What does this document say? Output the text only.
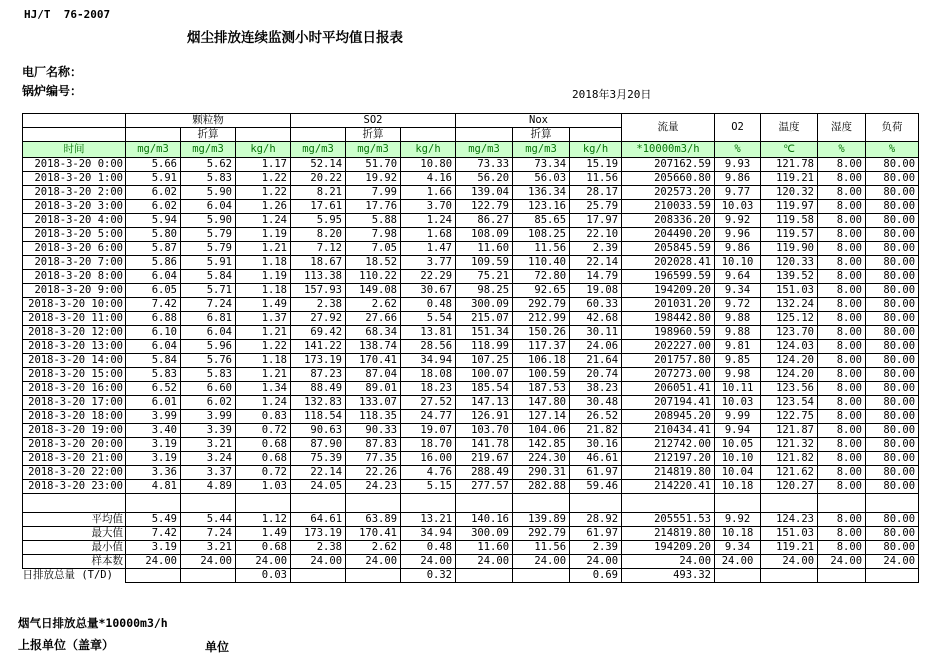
HJ/T  76-2007
烟尘排放连续监测小时平均值日报表
电厂名称：
锅炉编号：	2018年3月20日
	颗粒物			SO2			Nox			流量	O2	温度	湿度	负荷
		折算			折算			折算						
时间	mg/m3	mg/m3	kg/h	mg/m3	mg/m3	kg/h	mg/m3	mg/m3	kg/h	*10000m3/h	%	℃	%	%
2018-3-20 0:00	5.66	5.62	1.17	52.14	51.70	10.80	73.33	73.34	15.19	207162.59	9.93	121.78	8.00	80.00
2018-3-20 1:00	5.91	5.83	1.22	20.22	19.92	4.16	56.20	56.03	11.56	205660.80	9.86	119.21	8.00	80.00
2018-3-20 2:00	6.02	5.90	1.22	8.21	7.99	1.66	139.04	136.34	28.17	202573.20	9.77	120.32	8.00	80.00
2018-3-20 3:00	6.02	6.04	1.26	17.61	17.76	3.70	122.79	123.16	25.79	210033.59	10.03	119.97	8.00	80.00
2018-3-20 4:00	5.94	5.90	1.24	5.95	5.88	1.24	86.27	85.65	17.97	208336.20	9.92	119.58	8.00	80.00
2018-3-20 5:00	5.80	5.79	1.19	8.20	7.98	1.68	108.09	108.25	22.10	204490.20	9.96	119.57	8.00	80.00
2018-3-20 6:00	5.87	5.79	1.21	7.12	7.05	1.47	11.60	11.56	2.39	205845.59	9.86	119.90	8.00	80.00
2018-3-20 7:00	5.86	5.91	1.18	18.67	18.52	3.77	109.59	110.40	22.14	202028.41	10.10	120.33	8.00	80.00
2018-3-20 8:00	6.04	5.84	1.19	113.38	110.22	22.29	75.21	72.80	14.79	196599.59	9.64	139.52	8.00	80.00
2018-3-20 9:00	6.05	5.71	1.18	157.93	149.08	30.67	98.25	92.65	19.08	194209.20	9.34	151.03	8.00	80.00
2018-3-20 10:00	7.42	7.24	1.49	2.38	2.62	0.48	300.09	292.79	60.33	201031.20	9.72	132.24	8.00	80.00
2018-3-20 11:00	6.88	6.81	1.37	27.92	27.66	5.54	215.07	212.99	42.68	198442.80	9.88	125.12	8.00	80.00
2018-3-20 12:00	6.10	6.04	1.21	69.42	68.34	13.81	151.34	150.26	30.11	198960.59	9.88	123.70	8.00	80.00
2018-3-20 13:00	6.04	5.96	1.22	141.22	138.74	28.56	118.99	117.37	24.06	202227.00	9.81	124.03	8.00	80.00
2018-3-20 14:00	5.84	5.76	1.18	173.19	170.41	34.94	107.25	106.18	21.64	201757.80	9.85	124.20	8.00	80.00
2018-3-20 15:00	5.83	5.83	1.21	87.23	87.04	18.08	100.07	100.59	20.74	207273.00	9.98	124.20	8.00	80.00
2018-3-20 16:00	6.52	6.60	1.34	88.49	89.01	18.23	185.54	187.53	38.23	206051.41	10.11	123.56	8.00	80.00
2018-3-20 17:00	6.01	6.02	1.24	132.83	133.07	27.52	147.13	147.80	30.48	207194.41	10.03	123.54	8.00	80.00
2018-3-20 18:00	3.99	3.99	0.83	118.54	118.35	24.77	126.91	127.14	26.52	208945.20	9.99	122.75	8.00	80.00
2018-3-20 19:00	3.40	3.39	0.72	90.63	90.33	19.07	103.70	104.06	21.82	210434.41	9.94	121.87	8.00	80.00
2018-3-20 20:00	3.19	3.21	0.68	87.90	87.83	18.70	141.78	142.85	30.16	212742.00	10.05	121.32	8.00	80.00
2018-3-20 21:00	3.19	3.24	0.68	75.39	77.35	16.00	219.67	224.30	46.61	212197.20	10.10	121.82	8.00	80.00
2018-3-20 22:00	3.36	3.37	0.72	22.14	22.26	4.76	288.49	290.31	61.97	214819.80	10.04	121.62	8.00	80.00
2018-3-20 23:00	4.81	4.89	1.03	24.05	24.23	5.15	277.57	282.88	59.46	214220.41	10.18	120.27	8.00	80.00

平均值	5.49	5.44	1.12	64.61	63.89	13.21	140.16	139.89	28.92	205551.53	9.92	124.23	8.00	80.00
最大值	7.42	7.24	1.49	173.19	170.41	34.94	300.09	292.79	61.97	214819.80	10.18	151.03	8.00	80.00
最小值	3.19	3.21	0.68	2.38	2.62	0.48	11.60	11.56	2.39	194209.20	9.34	119.21	8.00	80.00
样本数	24.00	24.00	24.00	24.00	24.00	24.00	24.00	24.00	24.00	24.00	24.00	24.00	24.00	24.00
日排放总量 (T/D)			0.03			0.32			0.69	493.32				
烟气日排放总量*10000m3/h
上报单位（盖章）	单位
